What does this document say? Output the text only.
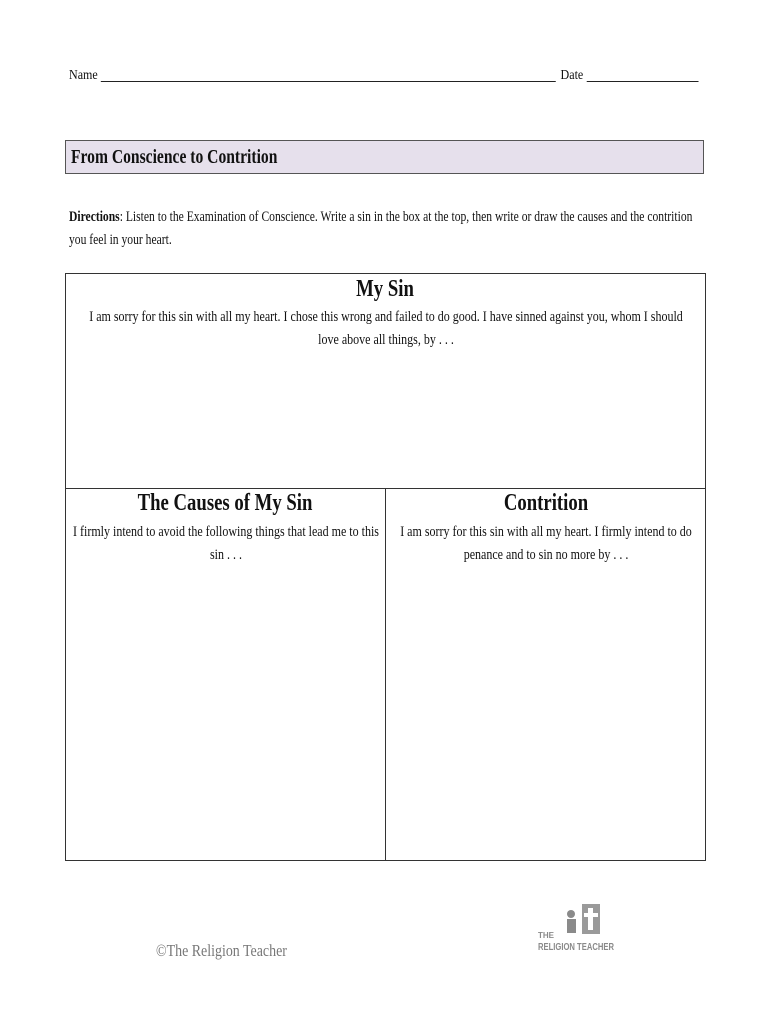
Name	Date
From Conscience to Contrition
Directions: Listen to the Examination of Conscience. Write a sin in the box at the top, then write or draw the causes and the contrition you feel in your heart.
My Sin
I am sorry for this sin with all my heart. I chose this wrong and failed to do good. I have sinned against you, whom I should love above all things, by . . .
The Causes of My Sin
I firmly intend to avoid the following things that lead me to this sin . . .
Contrition
I am sorry for this sin with all my heart. I firmly intend to do penance and to sin no more by . . .
©The Religion Teacher
THE
RELIGION TEACHER
